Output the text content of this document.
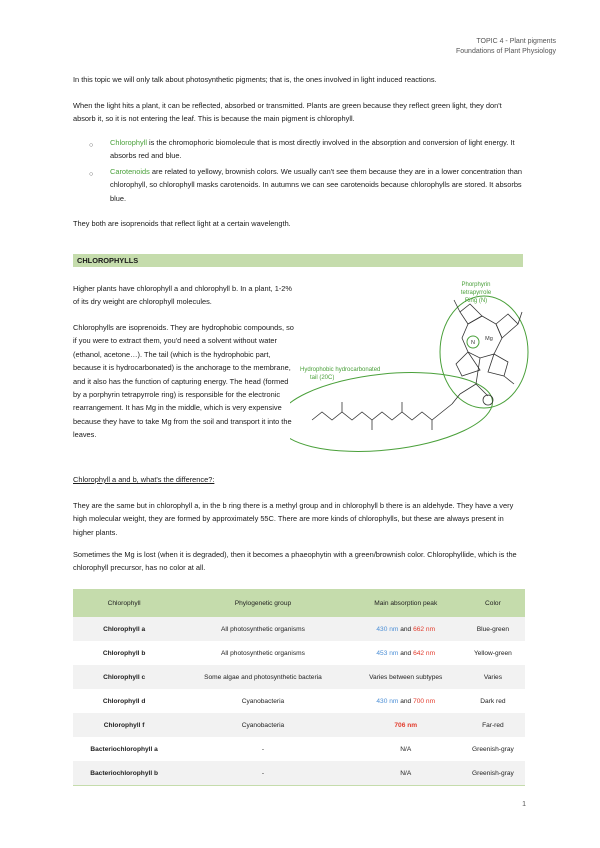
TOPIC 4 - Plant pigments
Foundations of Plant Physiology
In this topic we will only talk about photosynthetic pigments; that is, the ones involved in light induced reactions.
When the light hits a plant, it can be reflected, absorbed or transmitted. Plants are green because they reflect green light, they don't absorb it, so it is not entering the leaf. This is because the main pigment is chlorophyll.
○ Chlorophyll is the chromophoric biomolecule that is most directly involved in the absorption and conversion of light energy. It absorbs red and blue.
○ Carotenoids are related to yellowy, brownish colors. We usually can't see them because they are in a lower concentration than chlorophyll, so chlorophyll masks carotenoids. In autumns we can see carotenoids because chlorophylls are stored. It absorbs blue.
They both are isoprenoids that reflect light at a certain wavelength.
CHLOROPHYLLS
Higher plants have chlorophyll a and chlorophyll b. In a plant, 1-2% of its dry weight are chlorophyll molecules.
Chlorophylls are isoprenoids. They are hydrophobic compounds, so if you were to extract them, you'd need a solvent without water (ethanol, acetone…). The tail (which is the hydrophobic part, because it is hydrocarbonated) is the anchorage to the membrane, and it also has the function of capturing energy. The head (formed by a porphyrin tetrapyrrole ring) is responsible for the electronic rearrangement. It has Mg in the middle, which is very expensive because they have to take Mg from the soil and transport it into the leaves.
Phorphyrin
tetrapyrrole
Ring (N)
Hydrophobic hydrocarbonated
tail (20C)
N
Mg
Chlorophyll a and b, what's the difference?:
They are the same but in chlorophyll a, in the b ring there is a methyl group and in chlorophyll b there is an aldehyde. They have a very high molecular weight, they are formed by approximately 55C. There are more kinds of chlorophylls, but these are always present in higher plants.
Sometimes the Mg is lost (when it is degraded), then it becomes a phaeophytin with a green/brownish color. Chlorophyllide, which is the chlorophyll precursor, has no color at all.
Chlorophyll	Phylogenetic group	Main absorption peak	Color
Chlorophyll a	All photosynthetic organisms	430 nm and 662 nm	Blue-green
Chlorophyll b	All photosynthetic organisms	453 nm and 642 nm	Yellow-green
Chlorophyll c	Some algae and photosynthetic bacteria	Varies between subtypes	Varies
Chlorophyll d	Cyanobacteria	430 nm and 700 nm	Dark red
Chlorophyll f	Cyanobacteria	706 nm	Far-red
Bacteriochlorophyll a	-	N/A	Greenish-gray
Bacteriochlorophyll b	-	N/A	Greenish-gray
1
